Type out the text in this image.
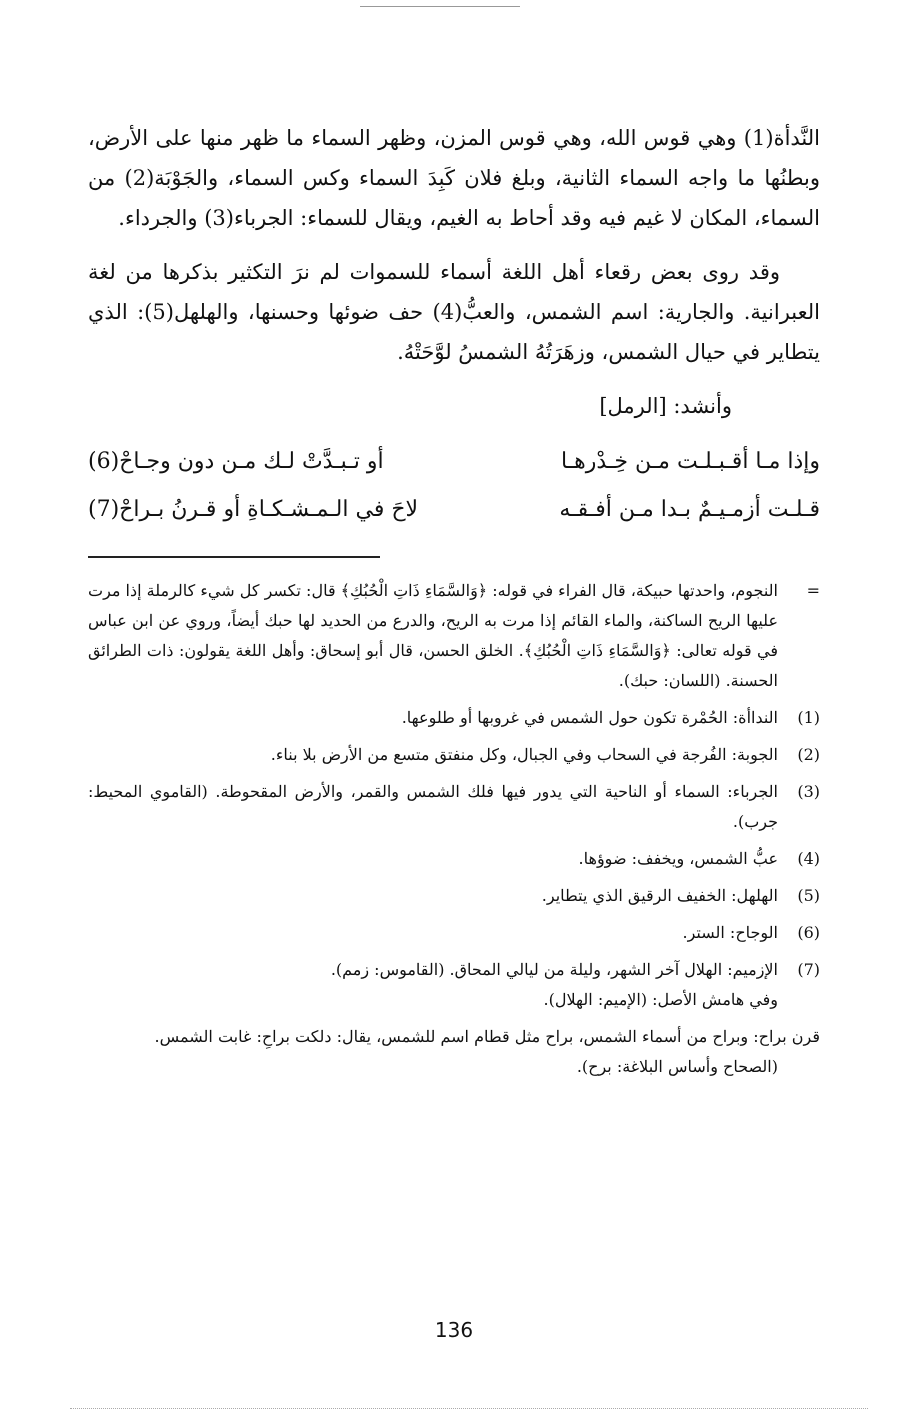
النَّدأة(1) وهي قوس الله، وهي قوس المزن، وظهر السماء ما ظهر منها على الأرض، وبطنُها ما واجه السماء الثانية، وبلغ فلان كَبِدَ السماء وكس السماء، والجَوْبَة(2) من السماء، المكان لا غيم فيه وقد أحاط به الغيم، ويقال للسماء: الجرباء(3) والجرداء.

وقد روى بعض رقعاء أهل اللغة أسماء للسموات لم نرَ التكثير بذكرها من لغة العبرانية. والجارية: اسم الشمس، والعبُّ(4) حف ضوئها وحسنها، والهلهل(5): الذي يتطاير في حيال الشمس، وزهَرَتُهُ الشمسُ لوَّحَتْهُ.

وأنشد: [الرمل]

وإذا مـا أقـبـلـت مـن خِـدْرهـا
أو تـبـدَّتْ لـك مـن دون وجـاحْ(6)
قـلـت أزمـيـمٌ بـدا مـن أفـقـه
لاحَ في الـمـشـكـاةِ أو قـرنُ بـراحْ(7)
=

النجوم، واحدتها حبيكة، قال الفراء في قوله: ﴿وَالسَّمَاءِ ذَاتِ الْحُبُكِ﴾ قال: تكسر كل شيء كالرملة إذا مرت عليها الريح الساكنة، والماء القائم إذا مرت به الريح، والدرع من الحديد لها حبك أيضاً، وروي عن ابن عباس في قوله تعالى: ﴿وَالسَّمَاءِ ذَاتِ الْحُبُكِ﴾. الخلق الحسن، قال أبو إسحاق: وأهل اللغة يقولون: ذات الطرائق الحسنة. (اللسان: حبك).

(1)

النداأة: الحُمْرة تكون حول الشمس في غروبها أو طلوعها.

(2)

الجوبة: الفُرجة في السحاب وفي الجبال، وكل منفتق متسع من الأرض بلا بناء.

(3)

الجرباء: السماء أو الناحية التي يدور فيها فلك الشمس والقمر، والأرض المقحوطة. (القاموي المحيط: جرب).

(4)

عبُّ الشمس، ويخفف: ضوؤها.

(5)

الهلهل: الخفيف الرقيق الذي يتطاير.

(6)

الوجاح: الستر.

(7)

الإزميم: الهلال آخر الشهر، وليلة من ليالي المحاق. (القاموس: زمم).

وفي هامش الأصل: (الإميم: الهلال).

قرن براح: وبراح من أسماء الشمس، براح مثل قطام اسم للشمس، يقال: دلكت براحِ: غابت الشمس.

(الصحاح وأساس البلاغة: برح).

136
